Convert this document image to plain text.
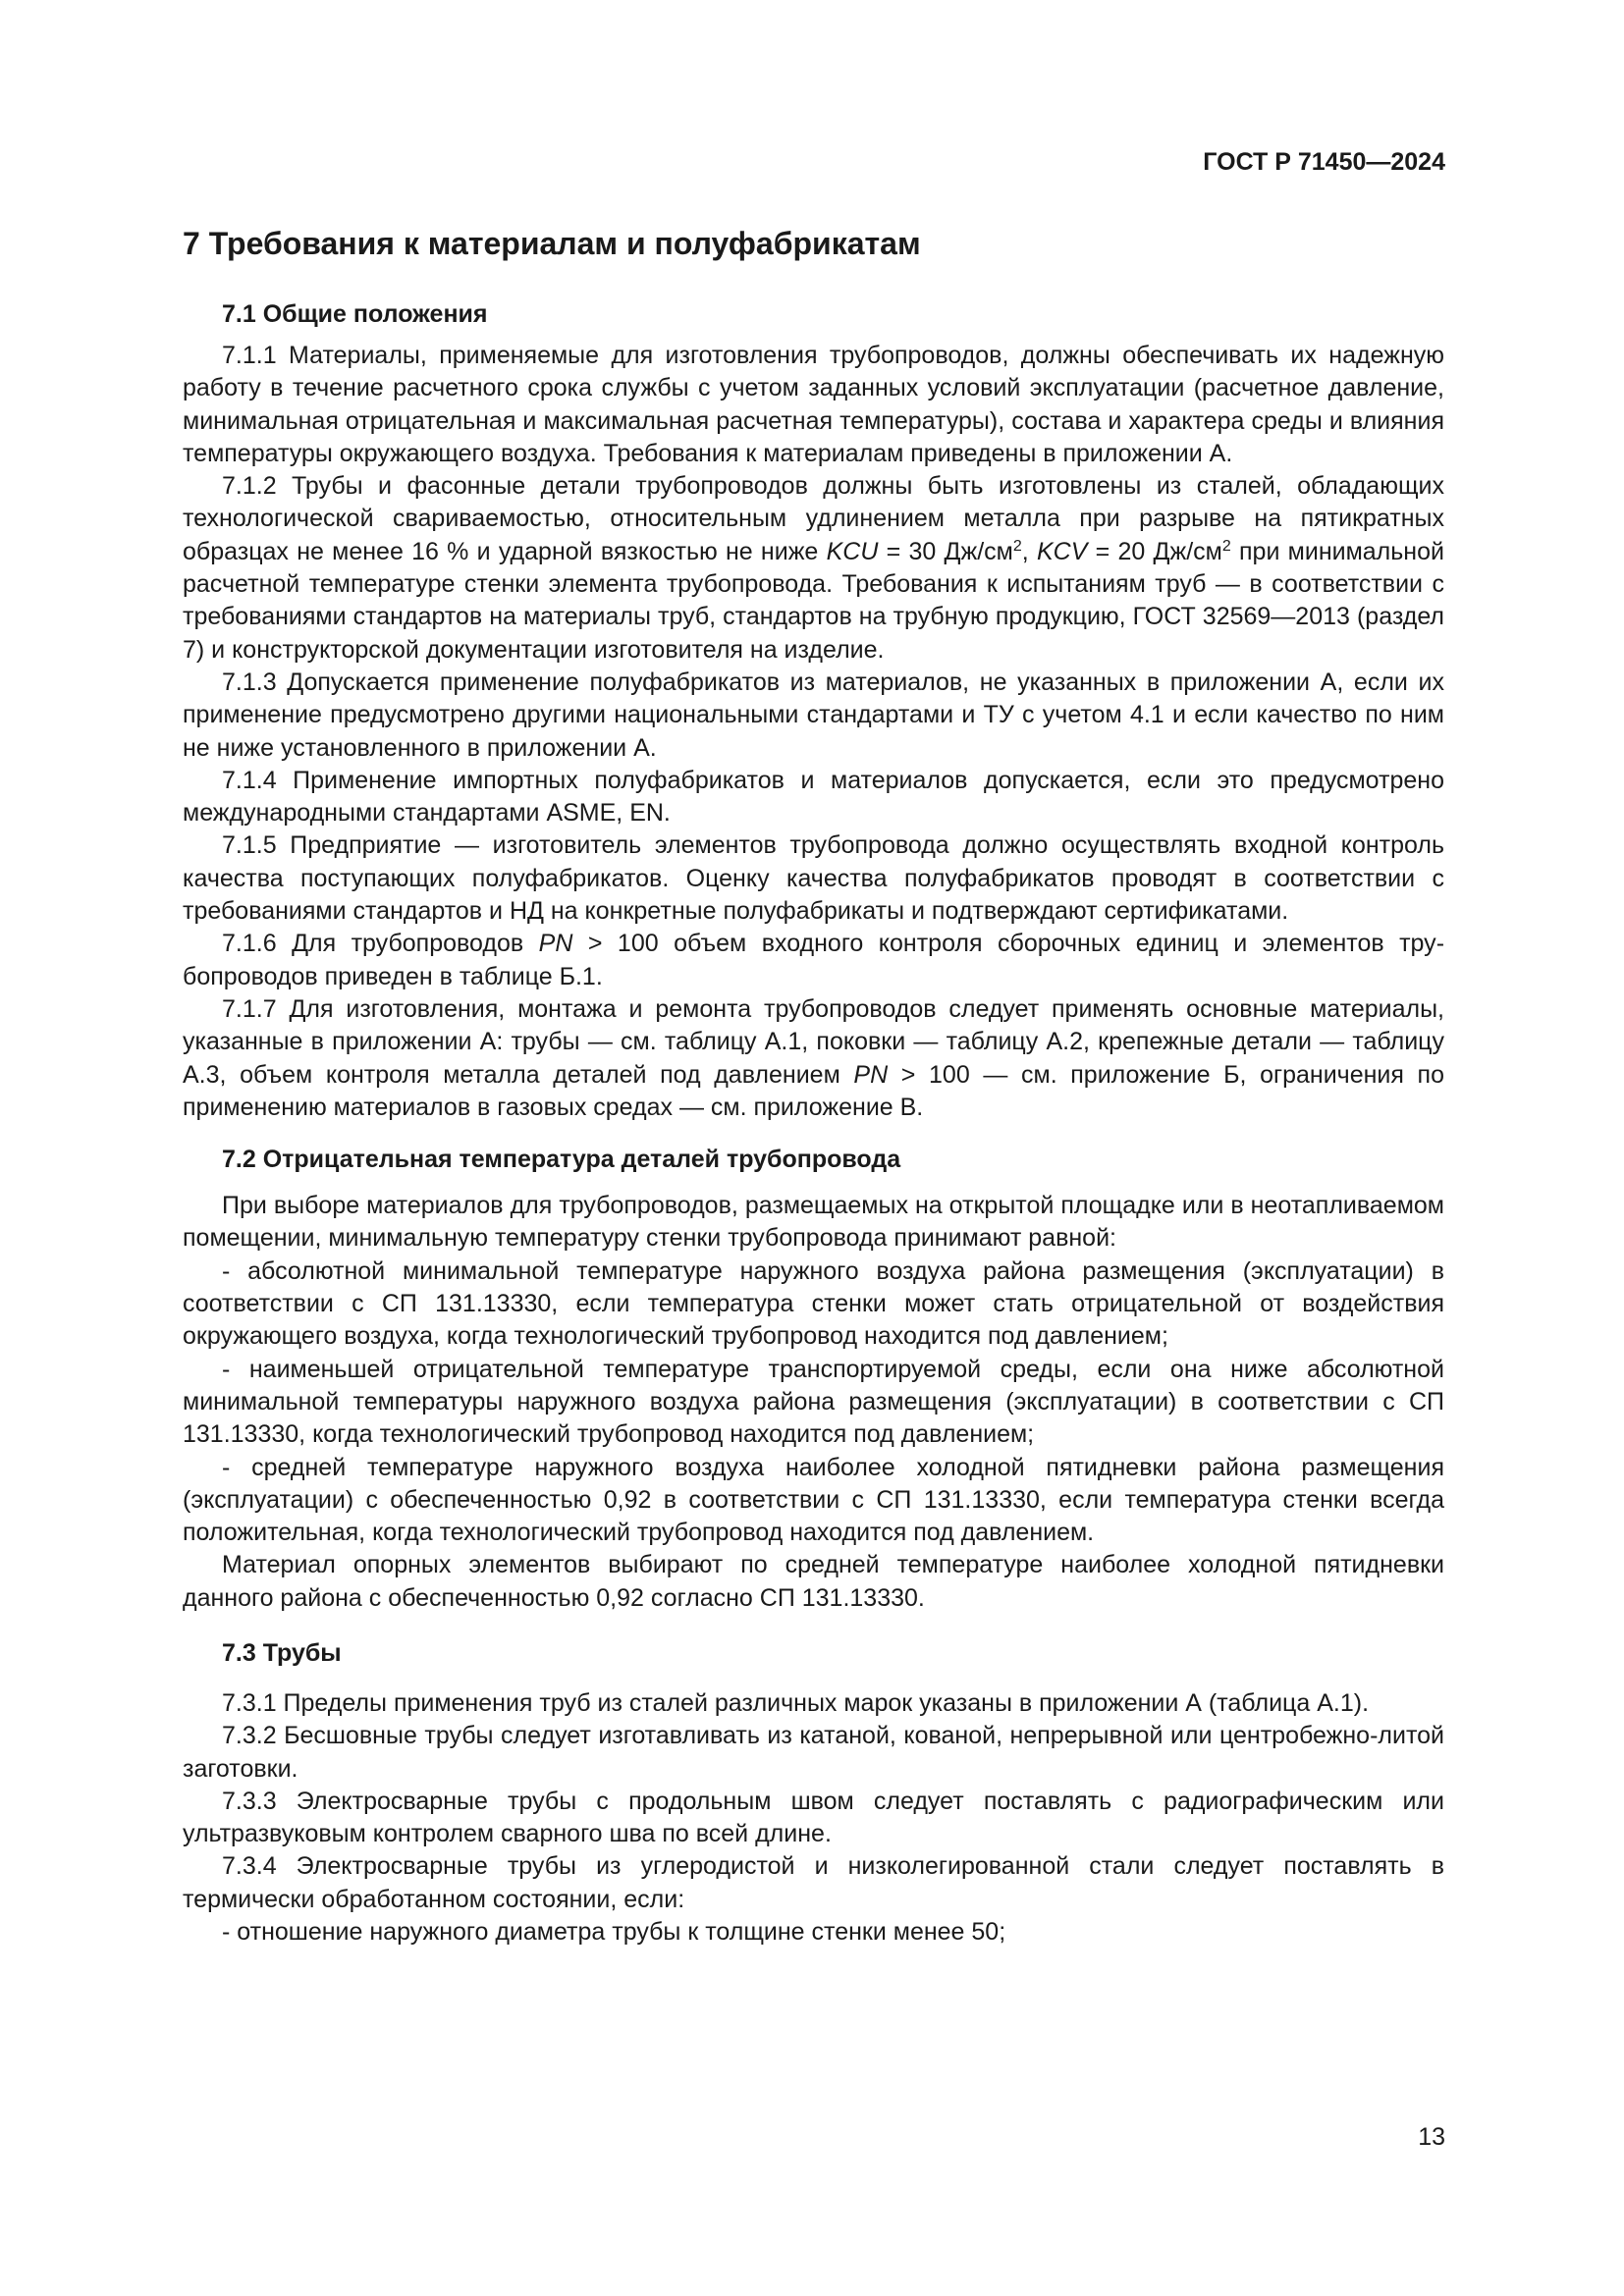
ГОСТ Р 71450—2024
7 Требования к материалам и полуфабрикатам
7.1 Общие положения

7.1.1 Материалы, применяемые для изготовления трубопроводов, должны обеспечивать их надежную работу в течение расчетного срока службы с учетом заданных условий эксплуатации (расчетное давление, минимальная отрицательная и максимальная расчетная температуры), состава и характера среды и влияния температуры окружающего воздуха. Требования к материалам приведены в приложении А.

7.1.2 Трубы и фасонные детали трубопроводов должны быть изготовлены из сталей, обладающих технологической свариваемостью, относительным удлинением металла при разрыве на пятикратных образцах не менее 16 % и ударной вязкостью не ниже KCU = 30 $Дж/см^2$, KCV = 20 $Дж/см^2$ при минимальной расчетной температуре стенки элемента трубопровода. Требования к испытаниям труб — в соответствии с требованиями стандартов на материалы труб, стандартов на трубную продукцию, ГОСТ 32569—2013 (раздел 7) и конструкторской документации изготовителя на изделие.

7.1.3 Допускается применение полуфабрикатов из материалов, не указанных в приложении А, если их применение предусмотрено другими национальными стандартами и ТУ с учетом 4.1 и если качество по ним не ниже установленного в приложении А.

7.1.4 Применение импортных полуфабрикатов и материалов допускается, если это предусмотрено международными стандартами ASME, EN.

7.1.5 Предприятие — изготовитель элементов трубопровода должно осуществлять входной контроль качества поступающих полуфабрикатов. Оценку качества полуфабрикатов проводят в соответствии с требованиями стандартов и НД на конкретные полуфабрикаты и подтверждают сертификатами.

7.1.6 Для трубопроводов PN > 100 объем входного контроля сборочных единиц и элементов трубопроводов приведен в таблице Б.1.

7.1.7 Для изготовления, монтажа и ремонта трубопроводов следует применять основные материалы, указанные в приложении А: трубы — см. таблицу А.1, поковки — таблицу А.2, крепежные детали — таблицу А.3, объем контроля металла деталей под давлением PN > 100 — см. приложение Б, ограничения по применению материалов в газовых средах — см. приложение В.

7.2 Отрицательная температура деталей трубопровода

При выборе материалов для трубопроводов, размещаемых на открытой площадке или в неотапливаемом помещении, минимальную температуру стенки трубопровода принимают равной:

- абсолютной минимальной температуре наружного воздуха района размещения (эксплуатации) в соответствии с СП 131.13330, если температура стенки может стать отрицательной от воздействия окружающего воздуха, когда технологический трубопровод находится под давлением;

- наименьшей отрицательной температуре транспортируемой среды, если она ниже абсолютной минимальной температуры наружного воздуха района размещения (эксплуатации) в соответствии с СП 131.13330, когда технологический трубопровод находится под давлением;

- средней температуре наружного воздуха наиболее холодной пятидневки района размещения (эксплуатации) с обеспеченностью 0,92 в соответствии с СП 131.13330, если температура стенки всегда положительная, когда технологический трубопровод находится под давлением.

Материал опорных элементов выбирают по средней температуре наиболее холодной пятидневки данного района с обеспеченностью 0,92 согласно СП 131.13330.

7.3 Трубы

7.3.1 Пределы применения труб из сталей различных марок указаны в приложении А (таблица А.1).

7.3.2 Бесшовные трубы следует изготавливать из катаной, кованой, непрерывной или центробежно-литой заготовки.

7.3.3 Электросварные трубы с продольным швом следует поставлять с радиографическим или ультразвуковым контролем сварного шва по всей длине.

7.3.4 Электросварные трубы из углеродистой и низколегированной стали следует поставлять в термически обработанном состоянии, если:

- отношение наружного диаметра трубы к толщине стенки менее 50;

13
